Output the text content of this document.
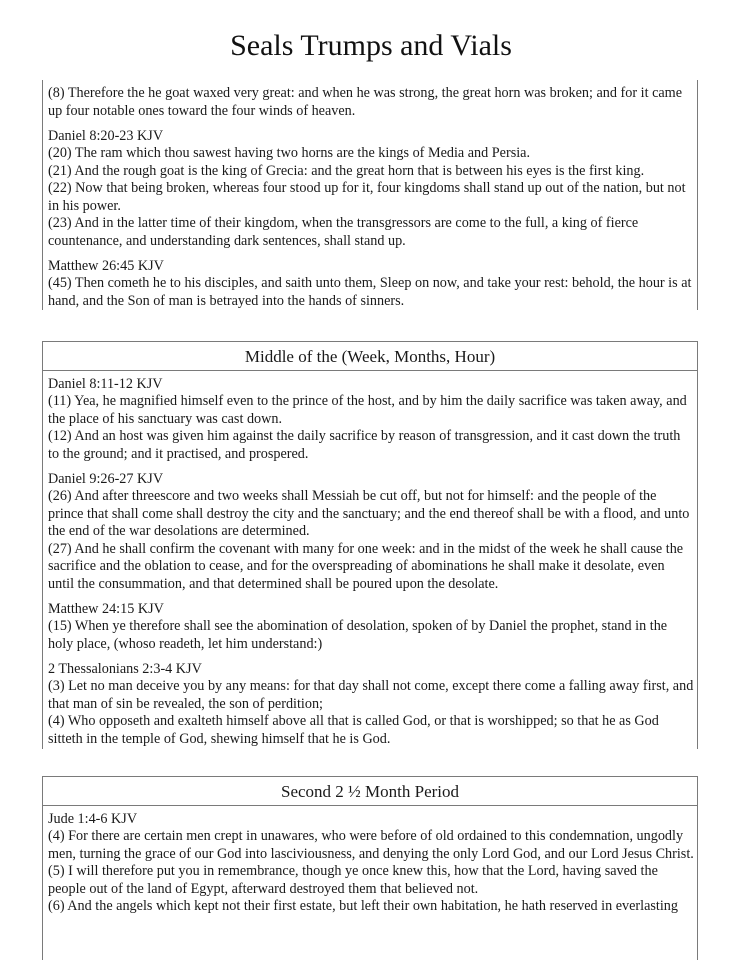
Seals Trumps and Vials
(8) Therefore the he goat waxed very great: and when he was strong, the great horn was broken; and for it came up four notable ones toward the four winds of heaven.
Daniel 8:20-23 KJV
(20) The ram which thou sawest having two horns are the kings of Media and Persia.
(21) And the rough goat is the king of Grecia: and the great horn that is between his eyes is the first king.
(22) Now that being broken, whereas four stood up for it, four kingdoms shall stand up out of the nation, but not in his power.
(23) And in the latter time of their kingdom, when the transgressors are come to the full, a king of fierce countenance, and understanding dark sentences, shall stand up.
Matthew 26:45 KJV
(45) Then cometh he to his disciples, and saith unto them, Sleep on now, and take your rest: behold, the hour is at hand, and the Son of man is betrayed into the hands of sinners.
Middle of the (Week, Months, Hour)
Daniel 8:11-12 KJV
(11) Yea, he magnified himself even to the prince of the host, and by him the daily sacrifice was taken away, and the place of his sanctuary was cast down.
(12) And an host was given him against the daily sacrifice by reason of transgression, and it cast down the truth to the ground; and it practised, and prospered.
Daniel 9:26-27 KJV
(26) And after threescore and two weeks shall Messiah be cut off, but not for himself: and the people of the prince that shall come shall destroy the city and the sanctuary; and the end thereof shall be with a flood, and unto the end of the war desolations are determined.
(27) And he shall confirm the covenant with many for one week: and in the midst of the week he shall cause the sacrifice and the oblation to cease, and for the overspreading of abominations he shall make it desolate, even until the consummation, and that determined shall be poured upon the desolate.
Matthew 24:15 KJV
(15) When ye therefore shall see the abomination of desolation, spoken of by Daniel the prophet, stand in the holy place, (whoso readeth, let him understand:)
2 Thessalonians 2:3-4 KJV
(3) Let no man deceive you by any means: for that day shall not come, except there come a falling away first, and that man of sin be revealed, the son of perdition;
(4) Who opposeth and exalteth himself above all that is called God, or that is worshipped; so that he as God sitteth in the temple of God, shewing himself that he is God.
Second 2 ½ Month Period
Jude 1:4-6 KJV
(4) For there are certain men crept in unawares, who were before of old ordained to this condemnation, ungodly men, turning the grace of our God into lasciviousness, and denying the only Lord God, and our Lord Jesus Christ.
(5) I will therefore put you in remembrance, though ye once knew this, how that the Lord, having saved the people out of the land of Egypt, afterward destroyed them that believed not.
(6) And the angels which kept not their first estate, but left their own habitation, he hath reserved in everlasting
